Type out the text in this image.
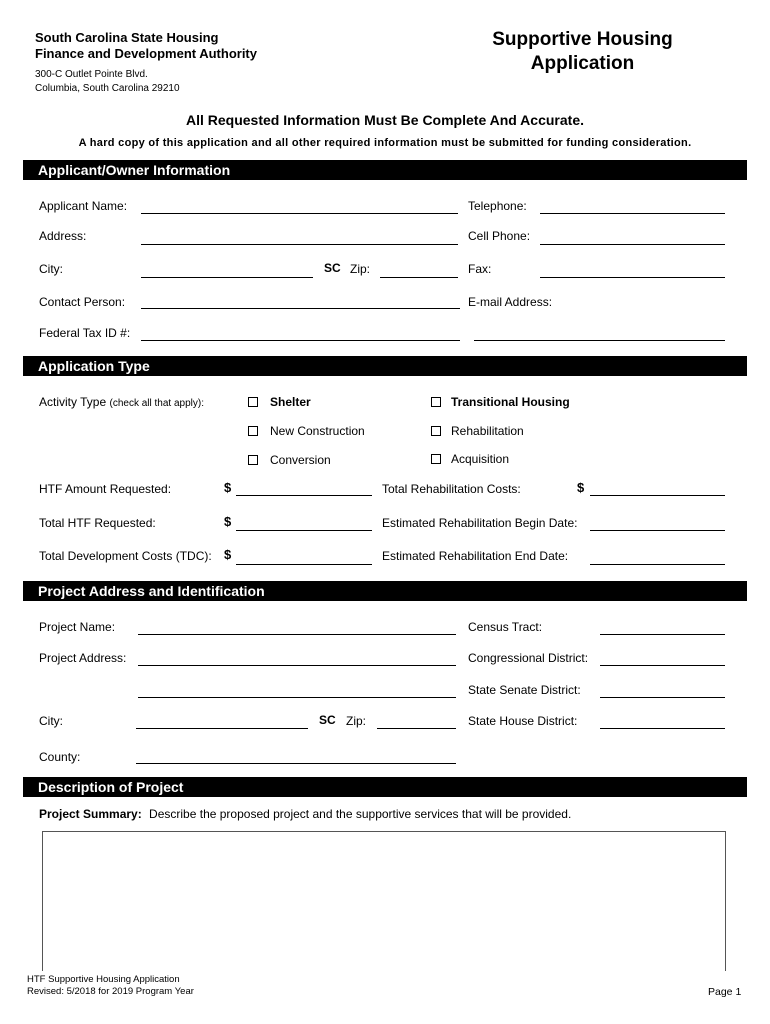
South Carolina State Housing
Finance and Development Authority
300-C Outlet Pointe Blvd.
Columbia, South Carolina 29210
Supportive Housing
Application
All Requested Information Must Be Complete And Accurate.
A hard copy of this application and all other required information must be submitted for funding consideration.
Applicant/Owner Information
Applicant Name:	Telephone:
Address:	Cell Phone:
City:	SC Zip:	Fax:
Contact Person:	E-mail Address:
Federal Tax ID #:
Application Type
Activity Type (check all that apply):	Shelter	Transitional Housing
New Construction	Rehabilitation
Conversion	Acquisition
HTF Amount Requested:	$	Total Rehabilitation Costs:	$
Total HTF Requested:	$	Estimated Rehabilitation Begin Date:
Total Development Costs (TDC): $	Estimated Rehabilitation End Date:
Project Address and Identification
Project Name:	Census Tract:
Project Address:	Congressional District:
State Senate District:
City:	SC Zip:	State House District:
County:
Description of Project
Project Summary: Describe the proposed project and the supportive services that will be provided.
HTF Supportive Housing Application
Revised: 5/2018 for 2019 Program Year	Page 1
